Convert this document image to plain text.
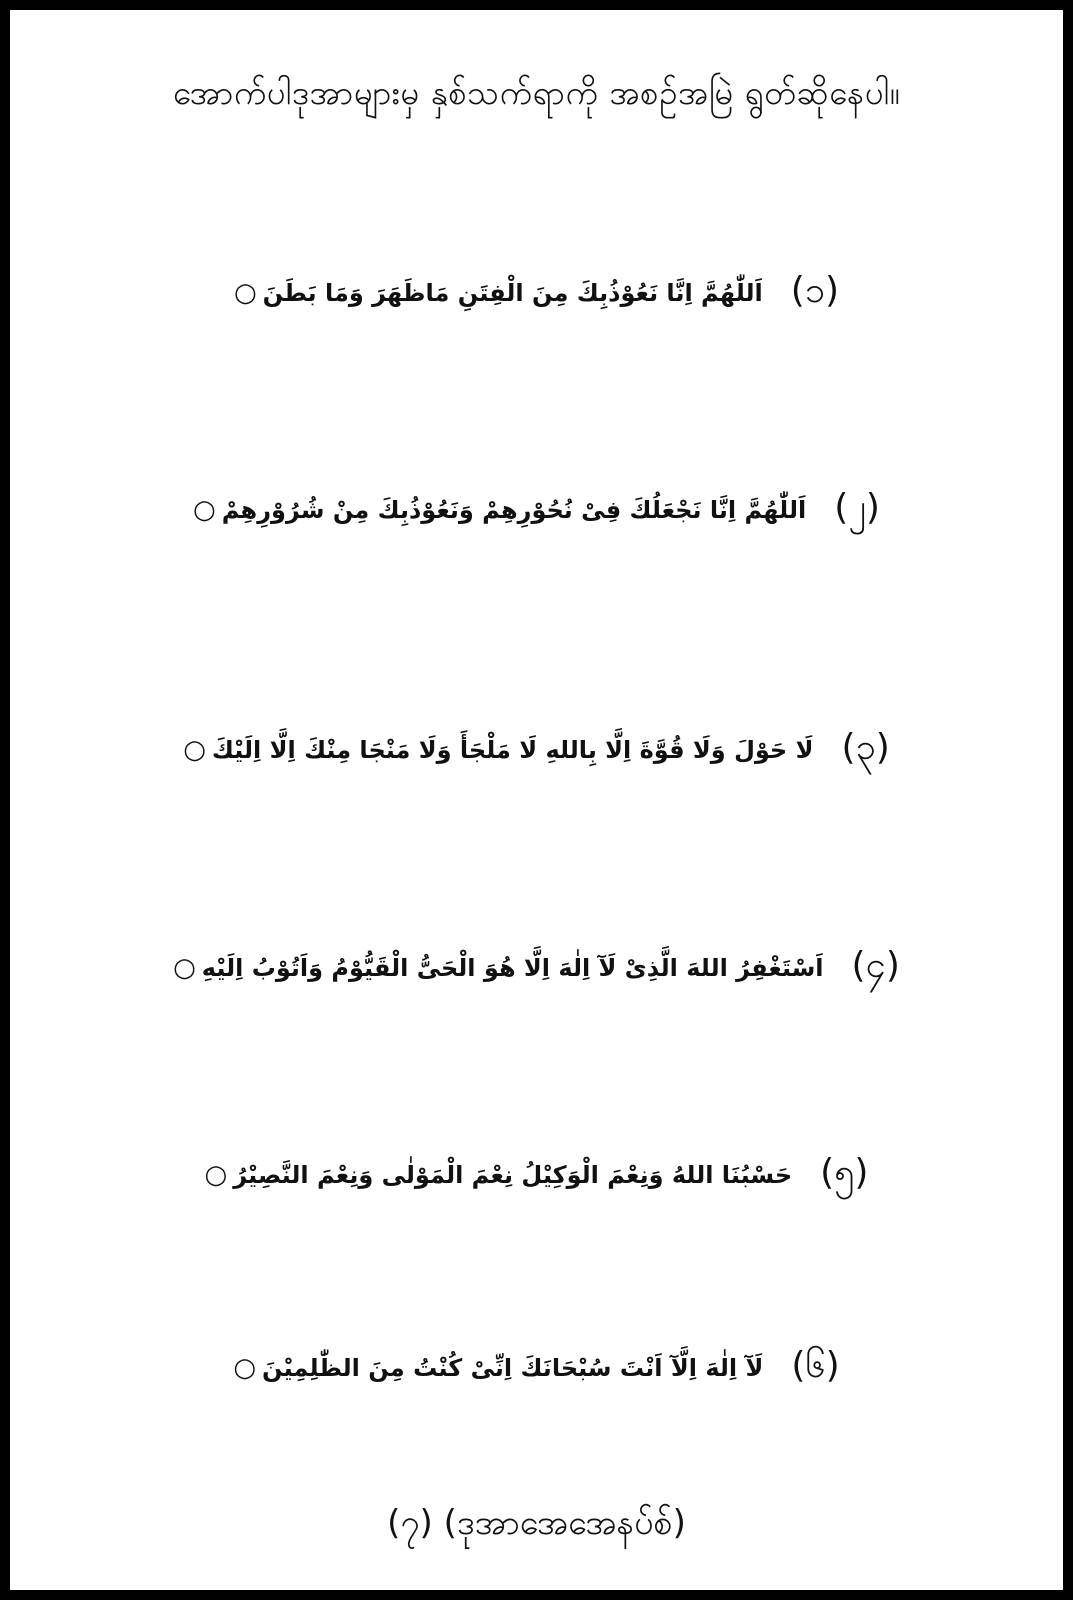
အောက်ပါဒုအာများမှ နှစ်သက်ရာကို အစဉ်အမြဲ ရွတ်ဆိုနေပါ။
(၁)
اَللّٰهُمَّ اِنَّا نَعُوْذُبِكَ مِنَ الْفِتَنِ مَاظَهَرَ وَمَا بَطَنَ
○
(၂)
اَللّٰهُمَّ اِنَّا نَجْعَلُكَ فِىْ نُحُوْرِهِمْ وَنَعُوْذُبِكَ مِنْ شُرُوْرِهِمْ
○
(၃)
لَا حَوْلَ وَلَا قُوَّةَ اِلَّا بِاللهِ لَا مَلْجَأَ وَلَا مَنْجَا مِنْكَ اِلَّا اِلَيْكَ
○
(၄)
اَسْتَغْفِرُ اللهَ الَّذِىْ لَآ اِلٰهَ اِلَّا هُوَ الْحَىُّ الْقَيُّوْمُ وَاَتُوْبُ اِلَيْهِ
○
(၅)
حَسْبُنَا اللهُ وَنِعْمَ الْوَكِيْلُ نِعْمَ الْمَوْلٰى وَنِعْمَ النَّصِيْرُ
○
(၆)
لَآ اِلٰهَ اِلَّآ اَنْتَ سُبْحَانَكَ اِنِّىْ كُنْتُ مِنَ الظّٰلِمِيْنَ
○
(၇) (ဒုအာအေအေနပ်စ်)
